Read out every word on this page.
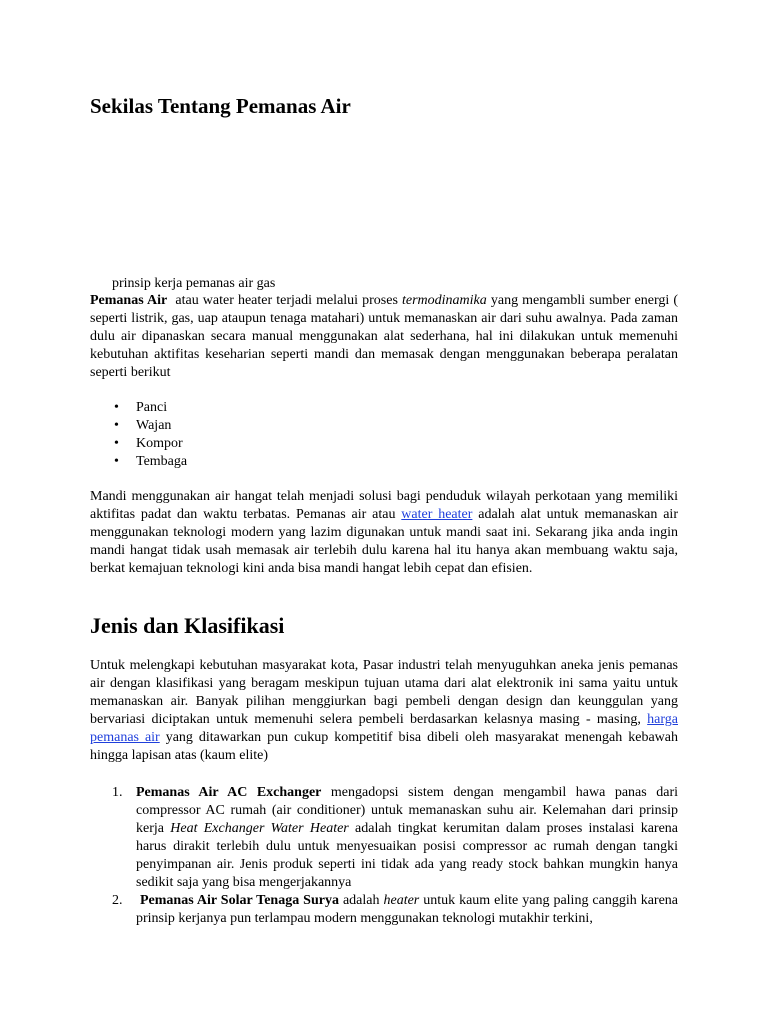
Sekilas Tentang Pemanas Air
prinsip kerja pemanas air gas

Pemanas Air  atau water heater terjadi melalui proses termodinamika yang mengambli sumber energi ( seperti listrik, gas, uap ataupun tenaga matahari) untuk memanaskan air dari suhu awalnya. Pada zaman dulu air dipanaskan secara manual menggunakan alat sederhana, hal ini dilakukan untuk memenuhi kebutuhan aktifitas keseharian seperti mandi dan memasak dengan menggunakan beberapa peralatan seperti berikut

• Panci
• Wajan
• Kompor
• Tembaga

Mandi menggunakan air hangat telah menjadi solusi bagi penduduk wilayah perkotaan yang memiliki aktifitas padat dan waktu terbatas. Pemanas air atau water heater adalah alat untuk memanaskan air menggunakan teknologi modern yang lazim digunakan untuk mandi saat ini. Sekarang jika anda ingin mandi hangat tidak usah memasak air terlebih dulu karena hal itu hanya akan membuang waktu saja, berkat kemajuan teknologi kini anda bisa mandi hangat lebih cepat dan efisien.

Jenis dan Klasifikasi

Untuk melengkapi kebutuhan masyarakat kota, Pasar industri telah menyuguhkan aneka jenis pemanas air dengan klasifikasi yang beragam meskipun tujuan utama dari alat elektronik ini sama yaitu untuk memanaskan air. Banyak pilihan menggiurkan bagi pembeli dengan design dan keunggulan yang bervariasi diciptakan untuk memenuhi selera pembeli berdasarkan kelasnya masing - masing, harga pemanas air yang ditawarkan pun cukup kompetitif bisa dibeli oleh masyarakat menengah kebawah hingga lapisan atas (kaum elite)

1. Pemanas Air AC Exchanger mengadopsi sistem dengan mengambil hawa panas dari compressor AC rumah (air conditioner) untuk memanaskan suhu air. Kelemahan dari prinsip kerja Heat Exchanger Water Heater adalah tingkat kerumitan dalam proses instalasi karena harus dirakit terlebih dulu untuk menyesuaikan posisi compressor ac rumah dengan tangki penyimpanan air. Jenis produk seperti ini tidak ada yang ready stock bahkan mungkin hanya sedikit saja yang bisa mengerjakannya
2. Pemanas Air Solar Tenaga Surya adalah heater untuk kaum elite yang paling canggih karena prinsip kerjanya pun terlampau modern menggunakan teknologi mutakhir terkini,
